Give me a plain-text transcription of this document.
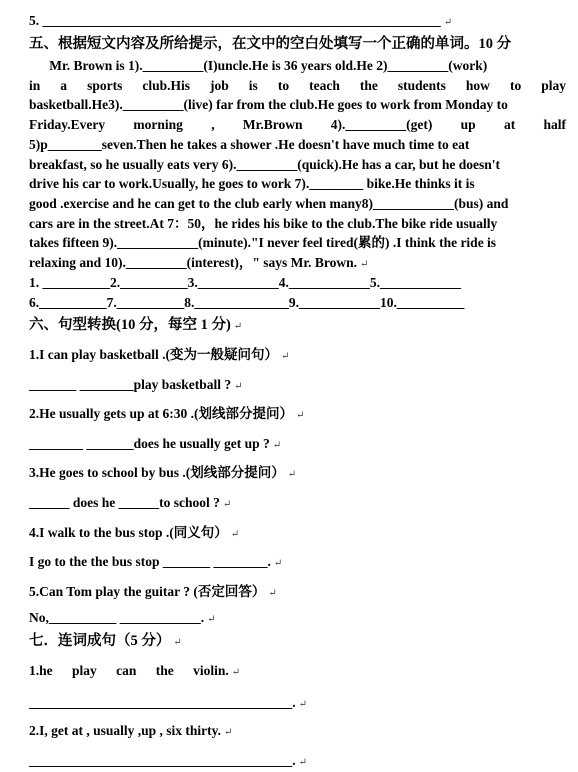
5. ___________________________________________________________ ↵
五、根据短文内容及所给提示，在文中的空白处填写一个正确的单词。10 分
Mr. Brown is 1)._________(I)uncle.He is 36 years old.He 2)_________(work)
in a sports club.His job is to teach the students how to play
basketball.He3)._________(live) far from the club.He goes to work from Monday to
Friday.Every morning , Mr.Brown 4)._________(get) up at half
5)p________seven.Then he takes a shower .He doesn't have much time to eat
breakfast, so he usually eats very 6)._________(quick).He has a car, but he doesn't
drive his car to work.Usually, he goes to work 7).________ bike.He thinks it is
good .exercise and he can get to the club early when many8)____________(bus) and
cars are in the street.At 7：50，he rides his bike to the club.The bike ride usually
takes fifteen 9).____________(minute)."I never feel tired(累的) .I think the ride is
relaxing and 10)._________(interest)，" says Mr. Brown. ↵
1. __________2.__________3.____________4.____________5.____________
6.__________7.__________8.______________9.____________10.__________
六、句型转换(10 分，每空 1 分) ↵
1.I can play basketball .(变为一般疑问句） ↵
_______ ________play basketball ? ↵
2.He usually gets up at 6:30 .(划线部分提问） ↵
________ _______does he usually get up ? ↵
3.He goes to school by bus .(划线部分提问） ↵
______ does he ______to school ? ↵
4.I walk to the bus stop .(同义句） ↵
I go to the the bus stop _______ ________. ↵
5.Can Tom play the guitar ? (否定回答） ↵
No,__________ ____________. ↵
七．连词成句（5 分） ↵
1.he play can the violin. ↵
_______________________________________. ↵
2.I, get at , usually ,up , six thirty. ↵
_______________________________________. ↵
